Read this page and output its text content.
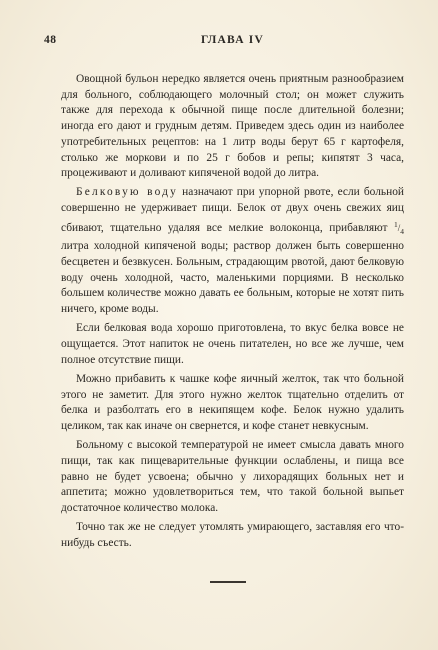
48	ГЛАВА IV

Овощной бульон нередко является очень приятным разнообразием для больного, соблюдающего молочный стол; он может служить также для перехода к обычной пище после длительной болезни; иногда его дают и грудным детям. Приведем здесь один из наиболее употребительных рецептов: на 1 литр воды берут 65 г картофеля, столько же моркови и по 25 г бобов и репы; кипятят 3 часа, процеживают и доливают кипяченой водой до литра.

Белковую воду назначают при упорной рвоте, если больной совершенно не удерживает пищи. Белок от двух очень свежих яиц сбивают, тщательно удаляя все мелкие волоконца, прибавляют $^1/_4$ литра холодной кипяченой воды; раствор должен быть совершенно бесцветен и безвкусен. Больным, страдающим рвотой, дают белковую воду очень холодной, часто, маленькими порциями. В несколько большем количестве можно давать ее больным, которые не хотят пить ничего, кроме воды.

Если белковая вода хорошо приготовлена, то вкус белка вовсе не ощущается. Этот напиток не очень питателен, но все же лучше, чем полное отсутствие пищи.

Можно прибавить к чашке кофе яичный желток, так что больной этого не заметит. Для этого нужно желток тщательно отделить от белка и разболтать его в некипящем кофе. Белок нужно удалить целиком, так как иначе он свернется, и кофе станет невкусным.

Больному с высокой температурой не имеет смысла давать много пищи, так как пищеварительные функции ослаблены, и пища все равно не будет усвоена; обычно у лихорадящих больных нет и аппетита; можно удовлетвориться тем, что такой больной выпьет достаточное количество молока.

Точно так же не следует утомлять умирающего, заставляя его что-нибудь съесть.
